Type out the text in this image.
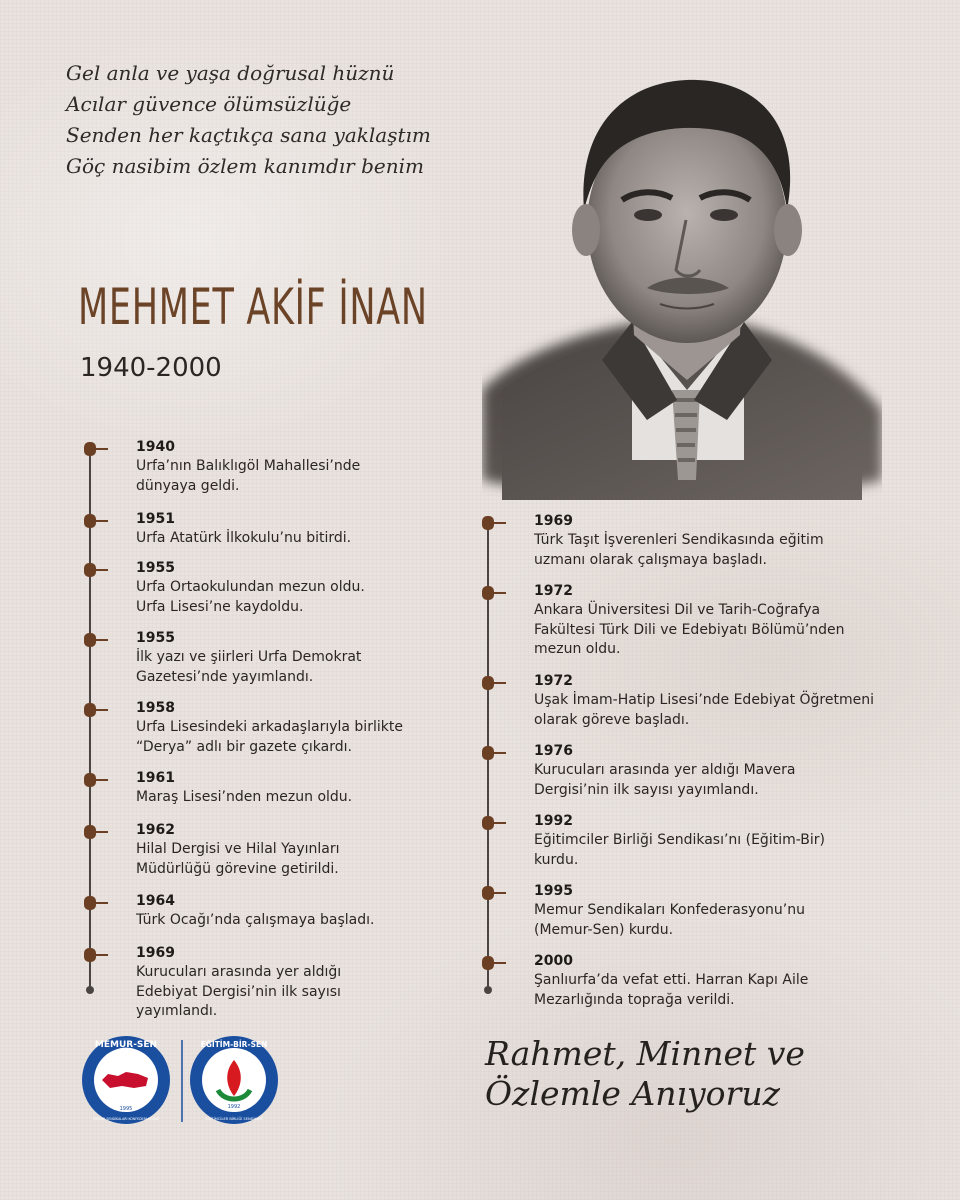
Gel anla ve yaşa doğrusal hüznü
Acılar güvence ölümsüzlüğe
Senden her kaçtıkça sana yaklaştım
Göç nasibim özlem kanımdır benim
MEHMET AKİF İNAN
1940-2000
1940
Urfa’nın Balıklıgöl Mahallesi’nde dünyaya geldi.
1951
Urfa Atatürk İlkokulu’nu bitirdi.
1955
Urfa Ortaokulundan mezun oldu. Urfa Lisesi’ne kaydoldu.
1955
İlk yazı ve şiirleri Urfa Demokrat Gazetesi’nde yayımlandı.
1958
Urfa Lisesindeki arkadaşlarıyla birlikte “Derya” adlı bir gazete çıkardı.
1961
Maraş Lisesi’nden mezun oldu.
1962
Hilal Dergisi ve Hilal Yayınları Müdürlüğü görevine getirildi.
1964
Türk Ocağı’nda çalışmaya başladı.
1969
Kurucuları arasında yer aldığı Edebiyat Dergisi’nin ilk sayısı yayımlandı.
1969
Türk Taşıt İşverenleri Sendikasında eğitim uzmanı olarak çalışmaya başladı.
1972
Ankara Üniversitesi Dil ve Tarih-Coğrafya Fakültesi Türk Dili ve Edebiyatı Bölümü’nden mezun oldu.
1972
Uşak İmam-Hatip Lisesi’nde Edebiyat Öğretmeni olarak göreve başladı.
1976
Kurucuları arasında yer aldığı Mavera Dergisi’nin ilk sayısı yayımlandı.
1992
Eğitimciler Birliği Sendikası’nı (Eğitim-Bir) kurdu.
1995
Memur Sendikaları Konfederasyonu’nu (Memur-Sen) kurdu.
2000
Şanlıurfa’da vefat etti. Harran Kapı Aile Mezarlığında toprağa verildi.
MEMUR-SEN
1995
MEMUR SENDİKALARI KONFEDERASYONU
EĞİTİM-BİR-SEN
1992
EĞİTİMCİLER BİRLİĞİ SENDİKASI
Rahmet, Minnet ve
Özlemle Anıyoruz
